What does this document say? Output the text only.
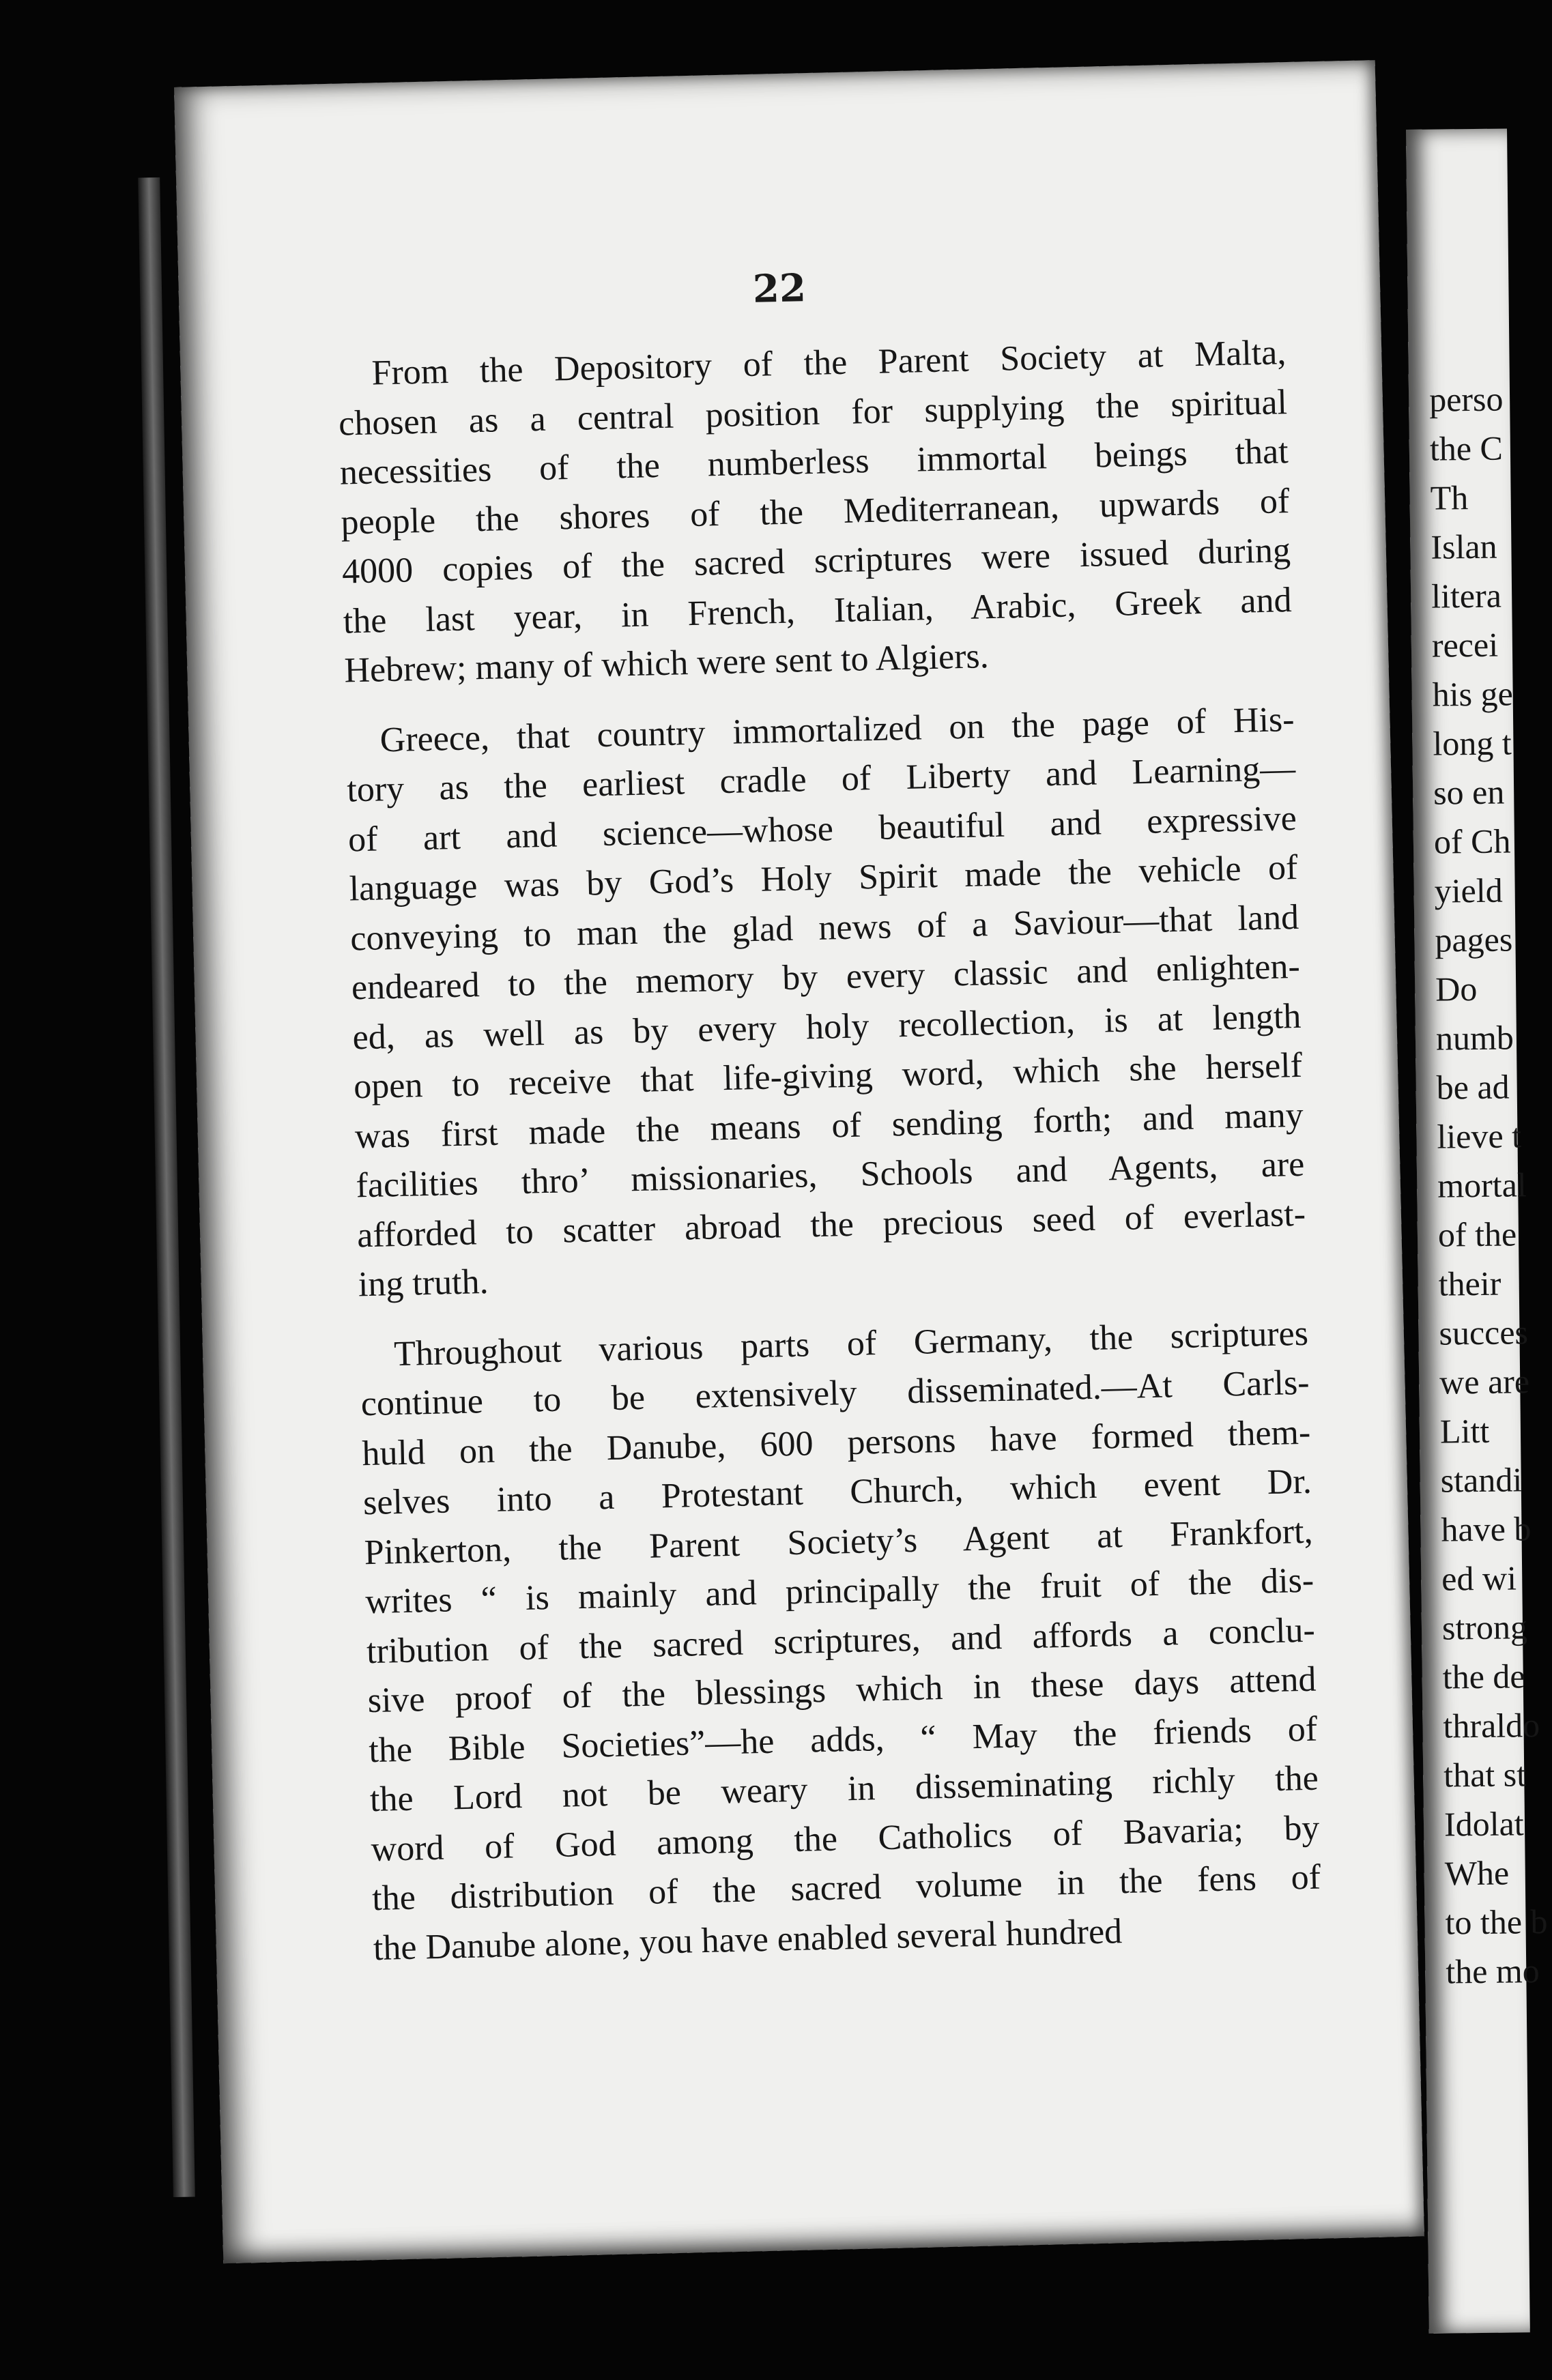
22
From the Depository of the Parent Society at Malta,
chosen as a central position for supplying the spiritual
necessities of the numberless immortal beings that
people the shores of the Mediterranean, upwards of
4000 copies of the sacred scriptures were issued during
the last year, in French, Italian, Arabic, Greek and
Hebrew; many of which were sent to Algiers.
Greece, that country immortalized on the page of His-
tory as the earliest cradle of Liberty and Learning—
of art and science—whose beautiful and expressive
language was by God’s Holy Spirit made the vehicle of
conveying to man the glad news of a Saviour—that land
endeared to the memory by every classic and enlighten-
ed, as well as by every holy recollection, is at length
open to receive that life-giving word, which she herself
was first made the means of sending forth; and many
facilities thro’ missionaries, Schools and Agents, are
afforded to scatter abroad the precious seed of everlast-
ing truth.
Throughout various parts of Germany, the scriptures
continue to be extensively disseminated.—At Carls-
huld on the Danube, 600 persons have formed them-
selves into a Protestant Church, which event Dr.
Pinkerton, the Parent Society’s Agent at Frankfort,
writes “ is mainly and principally the fruit of the dis-
tribution of the sacred scriptures, and affords a conclu-
sive proof of the blessings which in these days attend
the Bible Societies”—he adds, “ May the friends of
the Lord not be weary in disseminating richly the
word of God among the Catholics of Bavaria; by
the distribution of the sacred volume in the fens of
the Danube alone, you have enabled several hundred
perso
the C
Th
Islan
litera
recei
his ge
long t
so en
of Ch
yield
pages
Do
numb
be ad
lieve t
mortal
of the
their
succes
we are
Litt
standi
have b
ed wi
strong
the de
thraldo
that st
Idolat
Whe
to the b
the mo
